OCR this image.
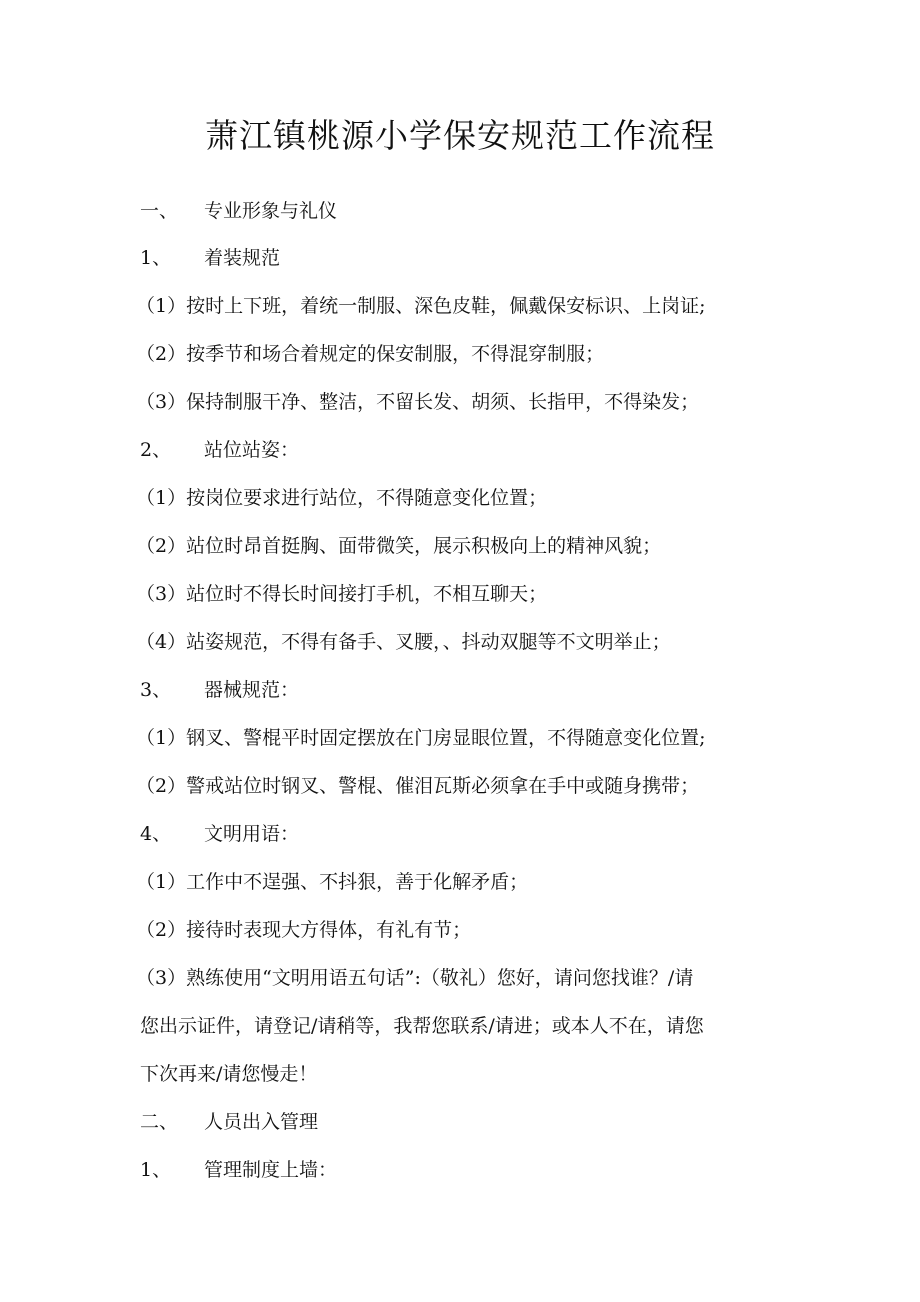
萧江镇桃源小学保安规范工作流程
一、 专业形象与礼仪
1、 着装规范
（1）按时上下班，着统一制服、深色皮鞋，佩戴保安标识、上岗证;
（2）按季节和场合着规定的保安制服，不得混穿制服；
（3）保持制服干净、整洁，不留长发、胡须、长指甲，不得染发；
2、 站位站姿：
（1）按岗位要求进行站位，不得随意变化位置；
（2）站位时昂首挺胸、面带微笑，展示积极向上的精神风貌；
（3）站位时不得长时间接打手机，不相互聊天；
（4）站姿规范，不得有备手、叉腰，、抖动双腿等不文明举止；
3、 器械规范：
（1）钢叉、警棍平时固定摆放在门房显眼位置，不得随意变化位置;
（2）警戒站位时钢叉、警棍、催泪瓦斯必须拿在手中或随身携带；
4、 文明用语：
（1）工作中不逞强、不抖狠，善于化解矛盾；
（2）接待时表现大方得体，有礼有节；
（3）熟练使用“文明用语五句话”:（敬礼）您好，请问您找谁？/请
您出示证件，请登记/请稍等，我帮您联系/请进；或本人不在，请您
下次再来/请您慢走！
二、 人员出入管理
1、 管理制度上墙：
